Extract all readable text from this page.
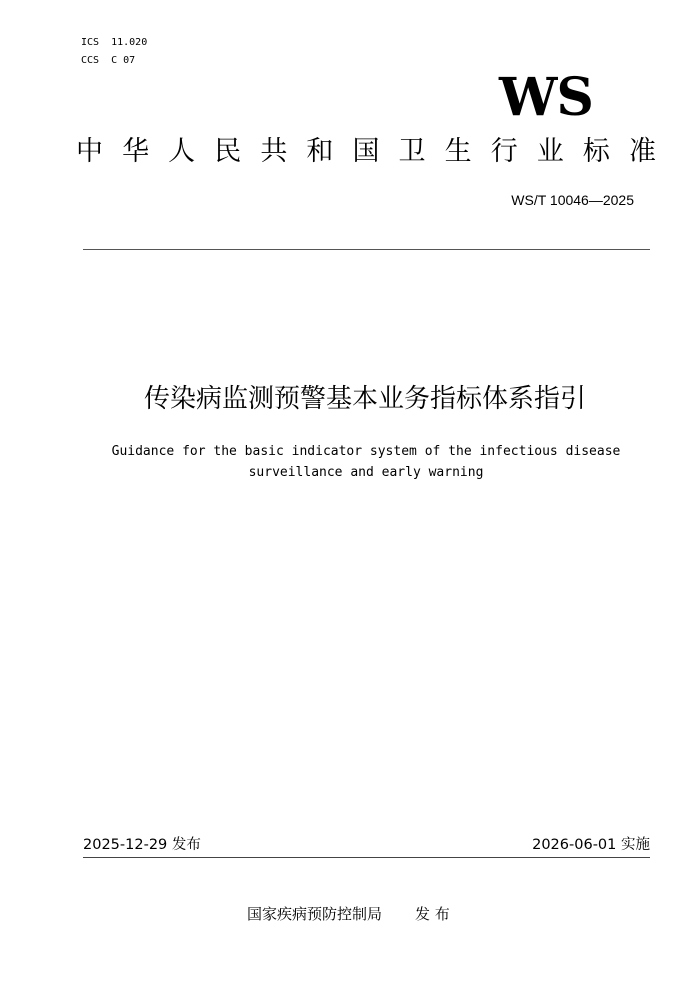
ICS  11.020
CCS  C 07
WS
中 华 人 民 共 和 国 卫 生 行 业 标 准
WS/T 10046—2025
传染病监测预警基本业务指标体系指引
Guidance for the basic indicator system of the infectious disease
surveillance and early warning
2025-12-29 发布	2026-06-01 实施
国家疾病预防控制局 发 布
